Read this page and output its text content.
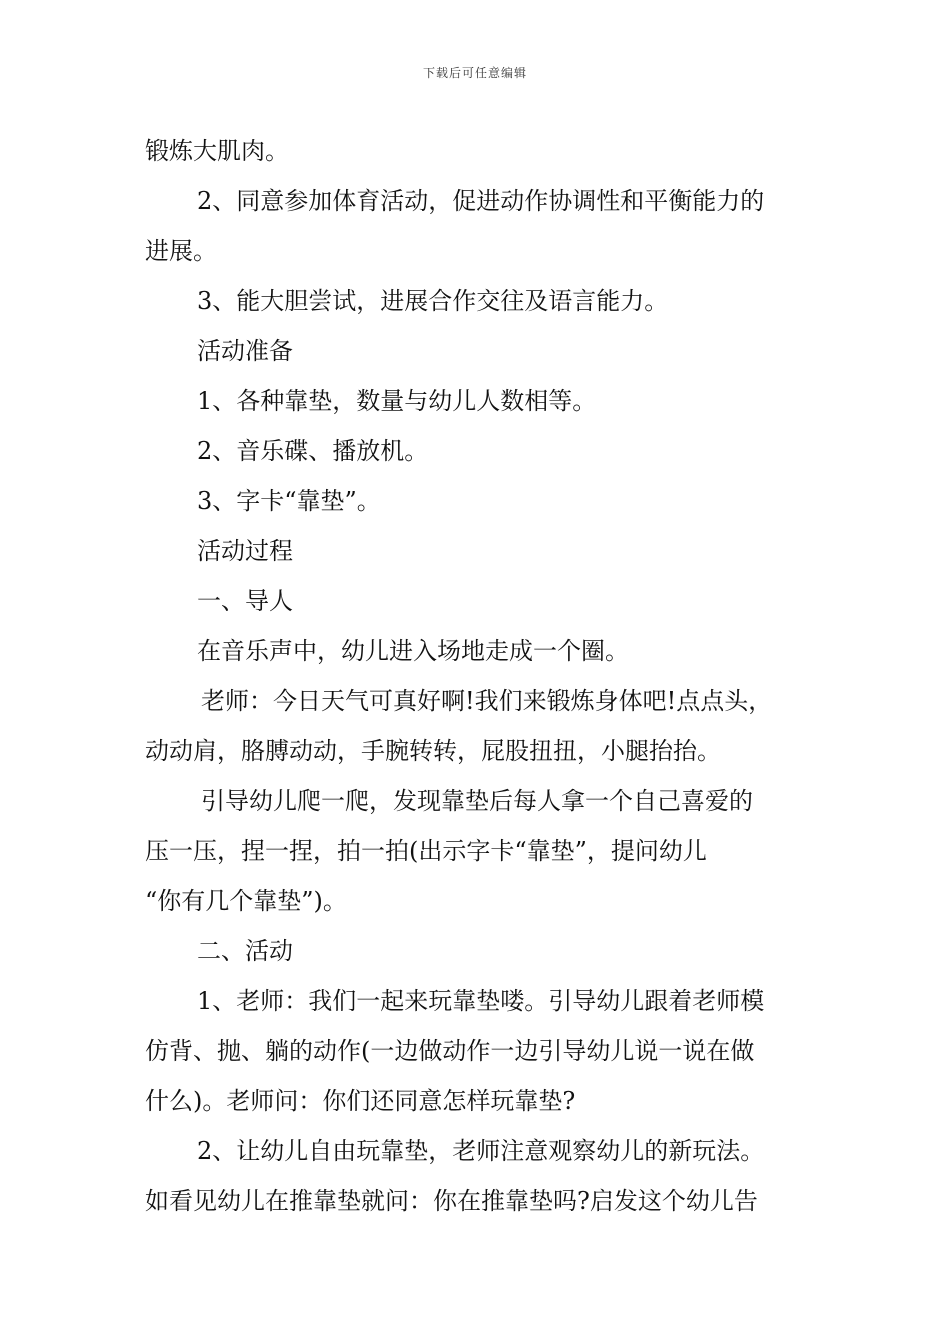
下载后可任意编辑
锻炼大肌肉。
2、同意参加体育活动，促进动作协调性和平衡能力的
进展。
3、能大胆尝试，进展合作交往及语言能力。
活动准备
1、各种靠垫，数量与幼儿人数相等。
2、音乐碟、播放机。
3、字卡“靠垫”。
活动过程
一、导人
在音乐声中，幼儿进入场地走成一个圈。
老师：今日天气可真好啊!我们来锻炼身体吧!点点头，
动动肩，胳膊动动，手腕转转，屁股扭扭，小腿抬抬。
引导幼儿爬一爬，发现靠垫后每人拿一个自己喜爱的
压一压，捏一捏，拍一拍(出示字卡“靠垫”，提问幼儿
“你有几个靠垫”)。
二、活动
1、老师：我们一起来玩靠垫喽。引导幼儿跟着老师模
仿背、抛、躺的动作(一边做动作一边引导幼儿说一说在做
什么)。老师问：你们还同意怎样玩靠垫?
2、让幼儿自由玩靠垫，老师注意观察幼儿的新玩法。
如看见幼儿在推靠垫就问：你在推靠垫吗?启发这个幼儿告
